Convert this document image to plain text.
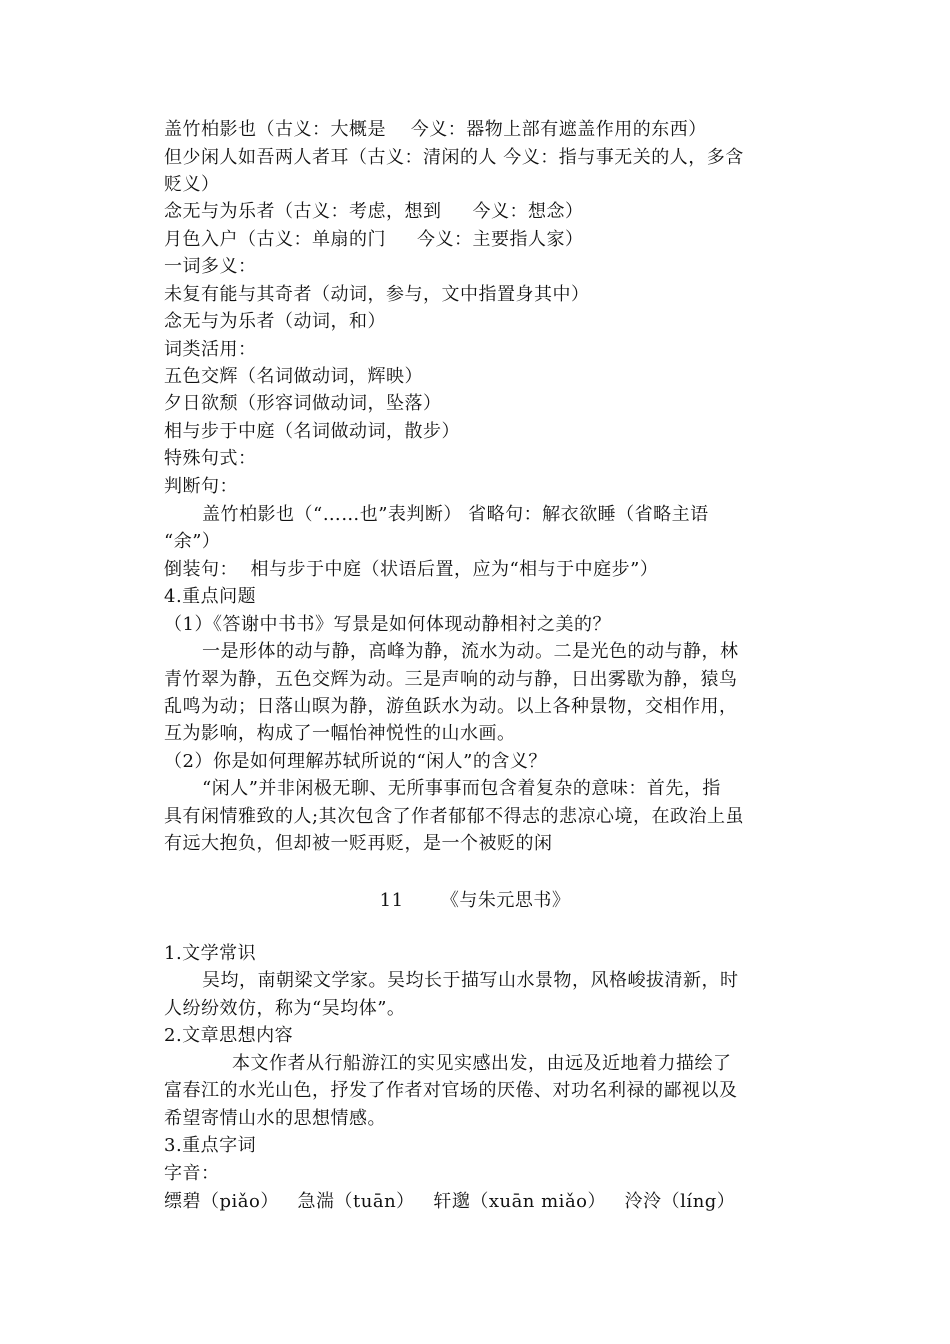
盖竹柏影也（古义：大概是 　今义：器物上部有遮盖作用的东西）
但少闲人如吾两人者耳（古义：清闲的人 今义：指与事无关的人，多含
贬义）
念无与为乐者（古义：考虑，想到 　 今义：想念）
月色入户（古义：单扇的门 　 今义：主要指人家）
一词多义：
未复有能与其奇者（动词，参与，文中指置身其中）
念无与为乐者（动词，和）
词类活用：
五色交辉（名词做动词，辉映）
夕日欲颓（形容词做动词，坠落）
相与步于中庭（名词做动词，散步）
特殊句式：
判断句：
盖竹柏影也（“……也”表判断） 省略句：解衣欲睡（省略主语
“余”）
倒装句：  相与步于中庭（状语后置，应为“相与于中庭步”）
4.重点问题
（1）《答谢中书书》写景是如何体现动静相衬之美的？
一是形体的动与静，高峰为静，流水为动。二是光色的动与静，林
青竹翠为静，五色交辉为动。三是声响的动与静，日出雾歇为静，猿鸟
乱鸣为动；日落山暝为静，游鱼跃水为动。以上各种景物，交相作用，
互为影响，构成了一幅怡神悦性的山水画。
（2）你是如何理解苏轼所说的“闲人”的含义？
“闲人”并非闲极无聊、无所事事而包含着复杂的意味：首先，指
具有闲情雅致的人;其次包含了作者郁郁不得志的悲凉心境，在政治上虽
有远大抱负，但却被一贬再贬，是一个被贬的闲
11      《与朱元思书》
1.文学常识
吴均，南朝梁文学家。吴均长于描写山水景物，风格峻拔清新，时
人纷纷效仿，称为“吴均体”。
2.文章思想内容
本文作者从行船游江的实见实感出发，由远及近地着力描绘了
富春江的水光山色，抒发了作者对官场的厌倦、对功名利禄的鄙视以及
希望寄情山水的思想情感。
3.重点字词
字音：
缥碧（piǎo）   急湍（tuān）   轩邈（xuān miǎo）   泠泠（líng）
